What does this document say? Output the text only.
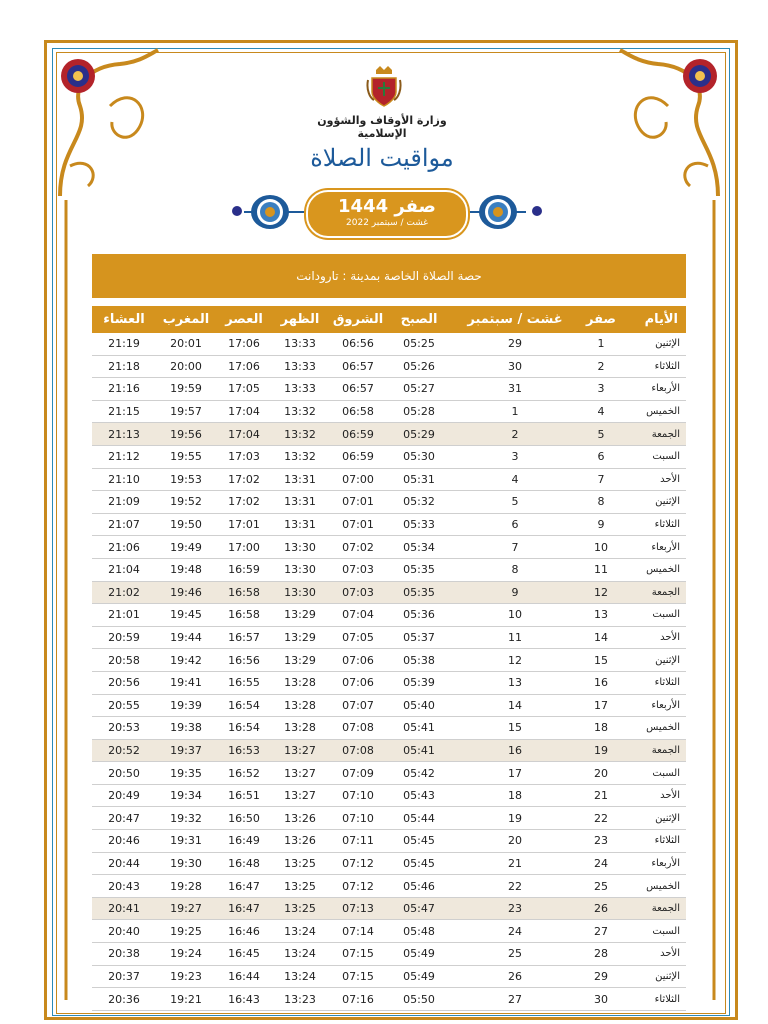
وزارة الأوقاف والشؤون الإسلامية
مواقيت الصلاة
صفر 1444
غشت / سبتمبر 2022
حصة الصلاة الخاصة بمدينة : تارودانت
الأيام	صفر	غشت / سبتمبر	الصبح	الشروق	الظهر	العصر	المغرب	العشاء
الإثنين	1	29	05:25	06:56	13:33	17:06	20:01	21:19
الثلاثاء	2	30	05:26	06:57	13:33	17:06	20:00	21:18
الأربعاء	3	31	05:27	06:57	13:33	17:05	19:59	21:16
الخميس	4	1	05:28	06:58	13:32	17:04	19:57	21:15
الجمعة	5	2	05:29	06:59	13:32	17:04	19:56	21:13
السبت	6	3	05:30	06:59	13:32	17:03	19:55	21:12
الأحد	7	4	05:31	07:00	13:31	17:02	19:53	21:10
الإثنين	8	5	05:32	07:01	13:31	17:02	19:52	21:09
الثلاثاء	9	6	05:33	07:01	13:31	17:01	19:50	21:07
الأربعاء	10	7	05:34	07:02	13:30	17:00	19:49	21:06
الخميس	11	8	05:35	07:03	13:30	16:59	19:48	21:04
الجمعة	12	9	05:35	07:03	13:30	16:58	19:46	21:02
السبت	13	10	05:36	07:04	13:29	16:58	19:45	21:01
الأحد	14	11	05:37	07:05	13:29	16:57	19:44	20:59
الإثنين	15	12	05:38	07:06	13:29	16:56	19:42	20:58
الثلاثاء	16	13	05:39	07:06	13:28	16:55	19:41	20:56
الأربعاء	17	14	05:40	07:07	13:28	16:54	19:39	20:55
الخميس	18	15	05:41	07:08	13:28	16:54	19:38	20:53
الجمعة	19	16	05:41	07:08	13:27	16:53	19:37	20:52
السبت	20	17	05:42	07:09	13:27	16:52	19:35	20:50
الأحد	21	18	05:43	07:10	13:27	16:51	19:34	20:49
الإثنين	22	19	05:44	07:10	13:26	16:50	19:32	20:47
الثلاثاء	23	20	05:45	07:11	13:26	16:49	19:31	20:46
الأربعاء	24	21	05:45	07:12	13:25	16:48	19:30	20:44
الخميس	25	22	05:46	07:12	13:25	16:47	19:28	20:43
الجمعة	26	23	05:47	07:13	13:25	16:47	19:27	20:41
السبت	27	24	05:48	07:14	13:24	16:46	19:25	20:40
الأحد	28	25	05:49	07:15	13:24	16:45	19:24	20:38
الإثنين	29	26	05:49	07:15	13:24	16:44	19:23	20:37
الثلاثاء	30	27	05:50	07:16	13:23	16:43	19:21	20:36
